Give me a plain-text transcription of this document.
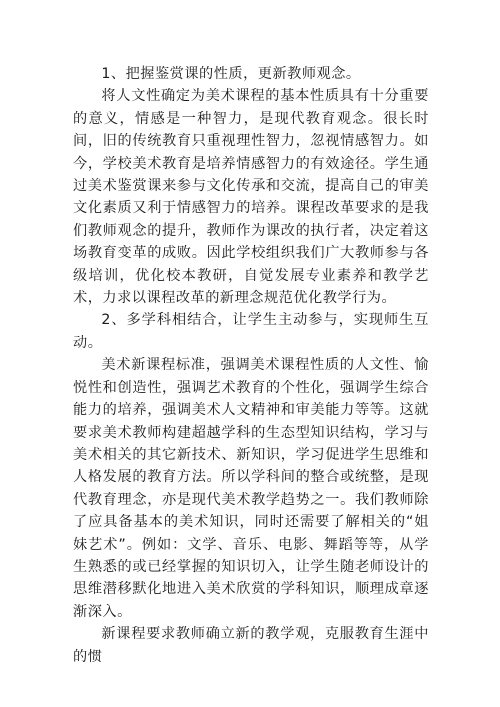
1、把握鉴赏课的性质，更新教师观念。

将人文性确定为美术课程的基本性质具有十分重要的意义，情感是一种智力，是现代教育观念。很长时间，旧的传统教育只重视理性智力，忽视情感智力。如今，学校美术教育是培养情感智力的有效途径。学生通过美术鉴赏课来参与文化传承和交流，提高自己的审美文化素质又利于情感智力的培养。课程改革要求的是我们教师观念的提升，教师作为课改的执行者，决定着这场教育变革的成败。因此学校组织我们广大教师参与各级培训，优化校本教研，自觉发展专业素养和教学艺术，力求以课程改革的新理念规范优化教学行为。

2、多学科相结合，让学生主动参与，实现师生互动。

美术新课程标准，强调美术课程性质的人文性、愉悦性和创造性，强调艺术教育的个性化，强调学生综合能力的培养，强调美术人文精神和审美能力等等。这就要求美术教师构建超越学科的生态型知识结构，学习与美术相关的其它新技术、新知识，学习促进学生思维和人格发展的教育方法。所以学科间的整合或统整，是现代教育理念，亦是现代美术教学趋势之一。我们教师除了应具备基本的美术知识，同时还需要了解相关的“姐妹艺术”。例如：文学、音乐、电影、舞蹈等等，从学生熟悉的或已经掌握的知识切入，让学生随老师设计的思维潜移默化地进入美术欣赏的学科知识，顺理成章逐渐深入。

新课程要求教师确立新的教学观，克服教育生涯中的惯
